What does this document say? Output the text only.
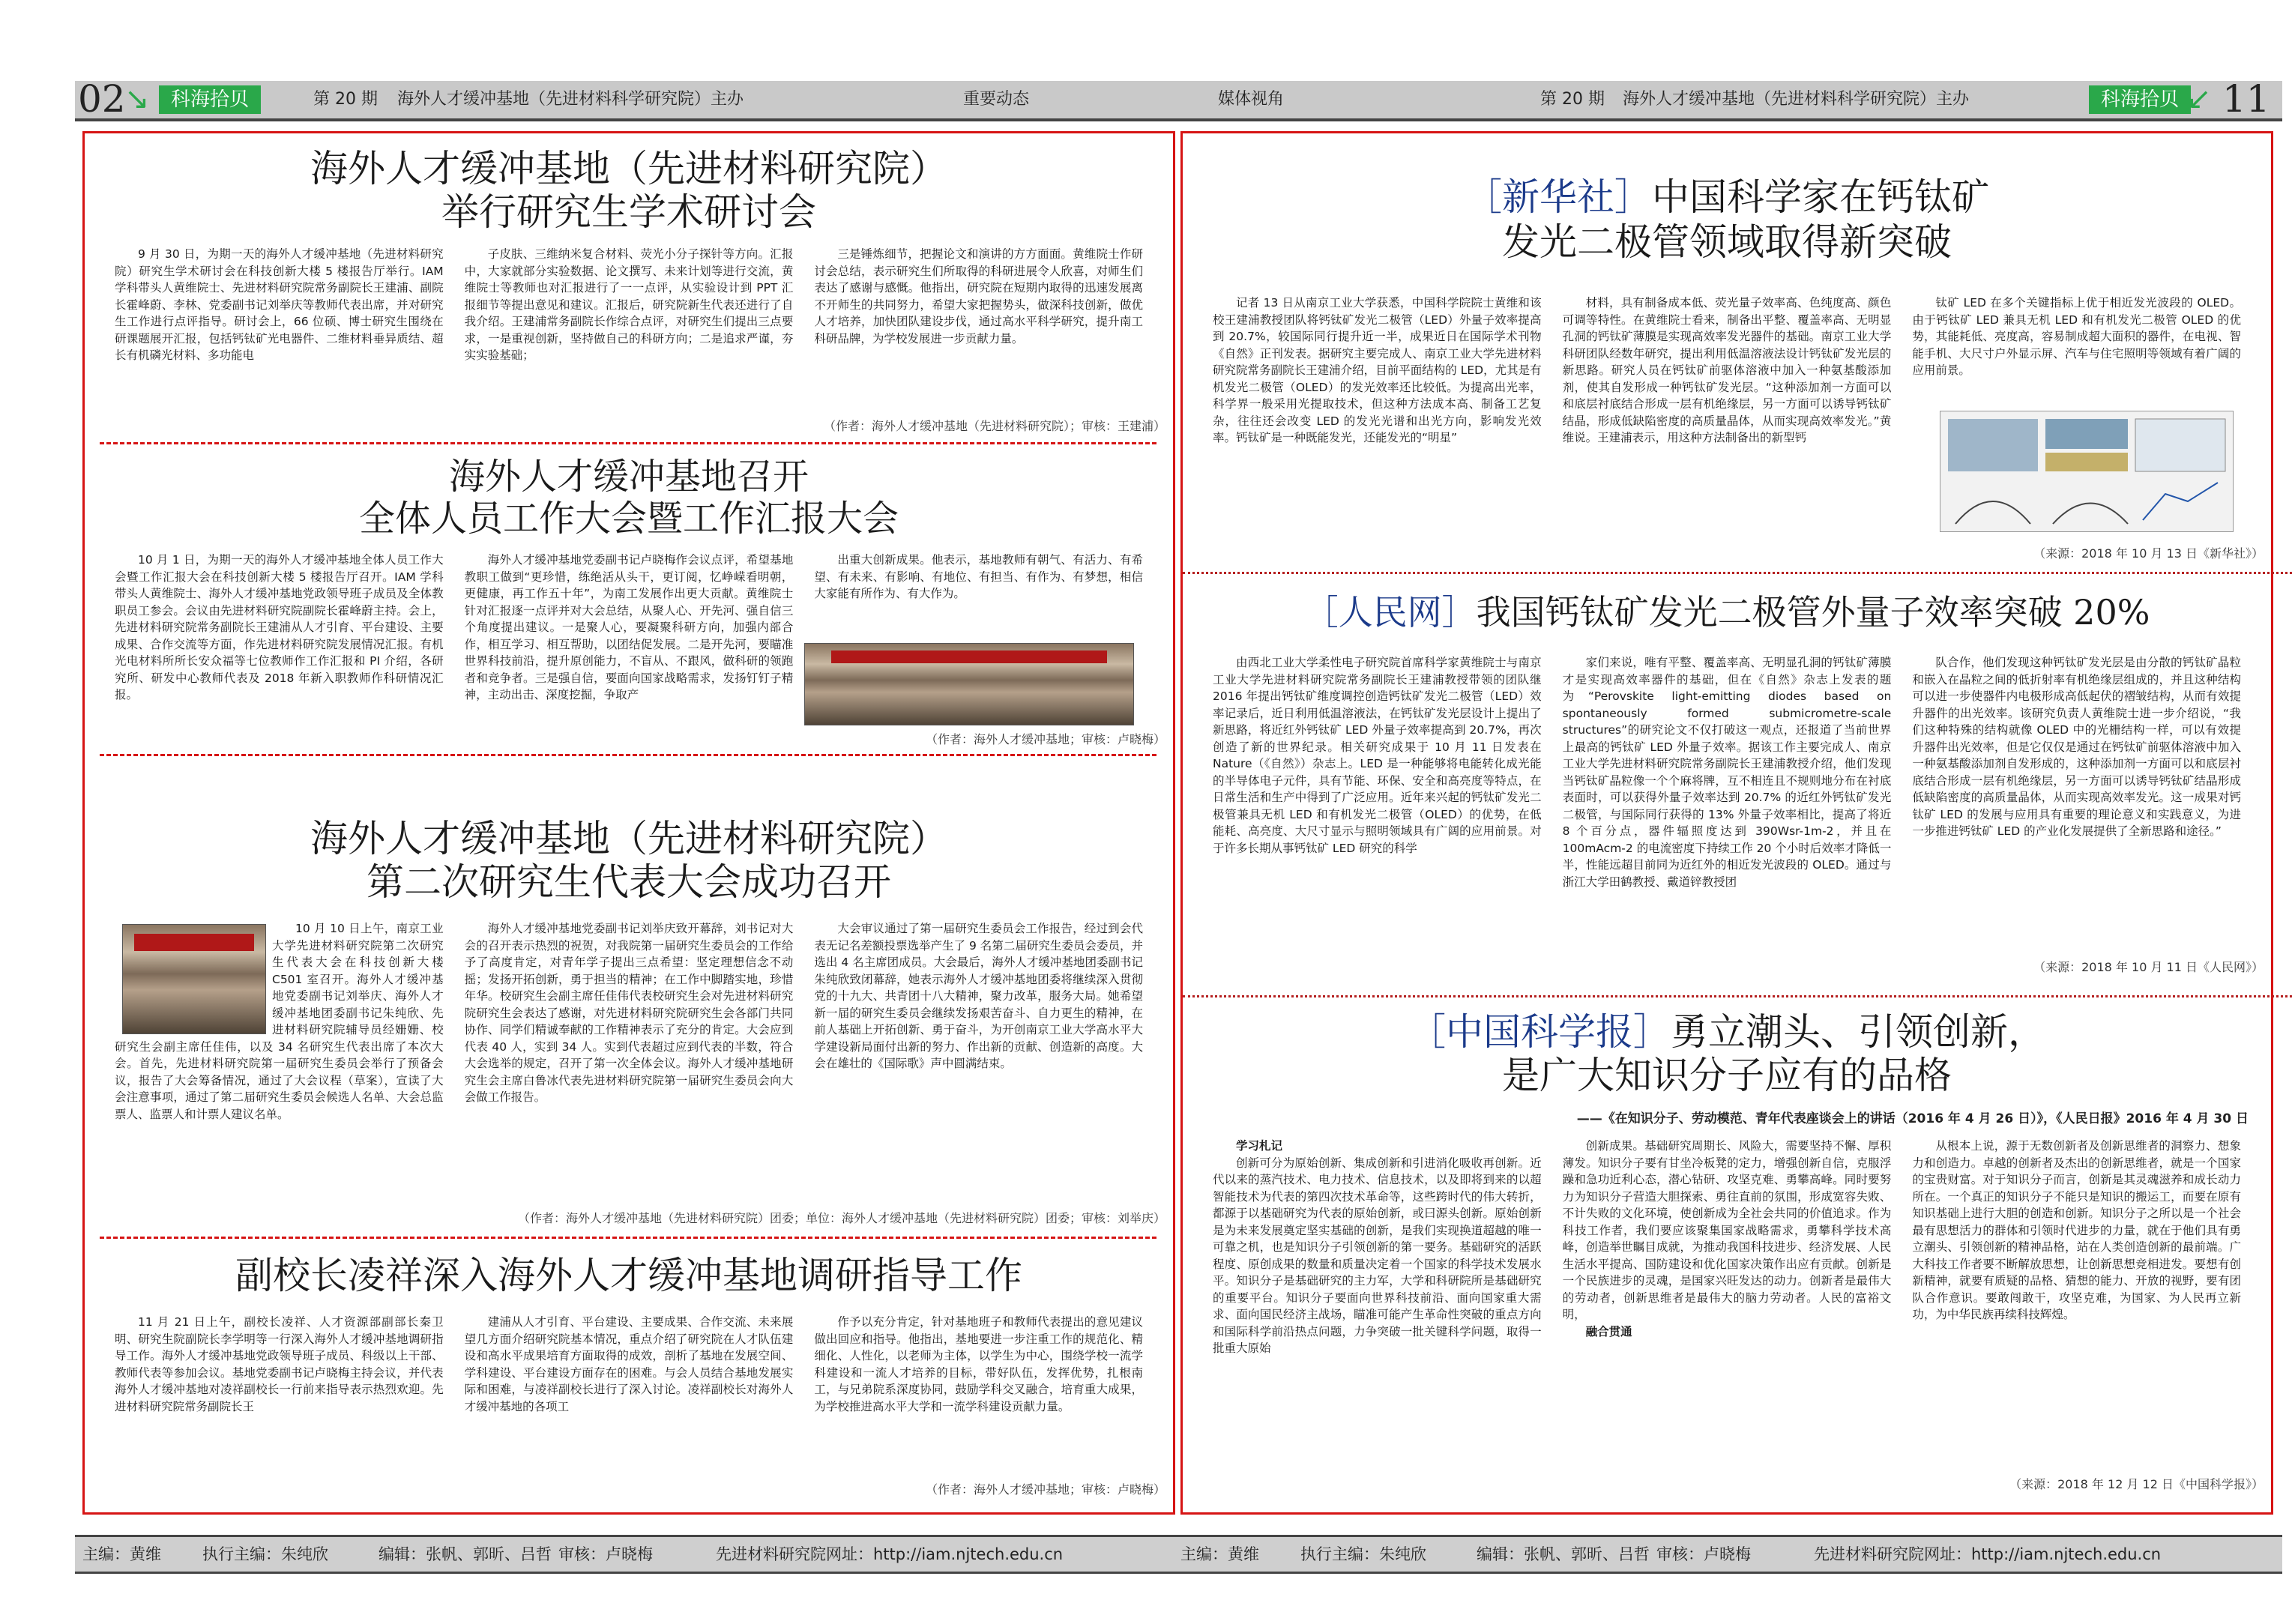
02
↘	科海拾贝	第 20 期 海外人才缓冲基地（先进材料科学研究院）主办	重要动态
海外人才缓冲基地（先进材料研究院）
举行研究生学术研讨会

9 月 30 日，为期一天的海外人才缓冲基地（先进材料研究院）研究生学术研讨会在科技创新大楼 5 楼报告厅举行。IAM 学科带头人黄维院士、先进材料研究院常务副院长王建浦、副院长霍峰蔚、李林、党委副书记刘举庆等教师代表出席，并对研究生工作进行点评指导。研讨会上，66 位硕、博士研究生围绕在研课题展开汇报，包括钙钛矿光电器件、二维材料垂异质结、超长有机磷光材料、多功能电

子皮肤、三维纳米复合材料、荧光小分子探针等方向。汇报中，大家就部分实验数据、论文撰写、未来计划等进行交流，黄维院士等教师也对汇报进行了一一点评，从实验设计到 PPT 汇报细节等提出意见和建议。汇报后，研究院新生代表还进行了自我介绍。王建浦常务副院长作综合点评，对研究生们提出三点要求，一是重视创新，坚持做自己的科研方向；二是追求严谨，夯实实验基础；

三是锤炼细节，把握论文和演讲的方方面面。黄维院士作研讨会总结，表示研究生们所取得的科研进展令人欣喜，对师生们表达了感谢与感慨。他指出，研究院在短期内取得的迅速发展离不开师生的共同努力，希望大家把握势头，做深科技创新，做优人才培养，加快团队建设步伐，通过高水平科学研究，提升南工科研品牌，为学校发展进一步贡献力量。

（作者：海外人才缓冲基地（先进材料研究院）；审核：王建浦）
海外人才缓冲基地召开
全体人员工作大会暨工作汇报大会

10 月 1 日，为期一天的海外人才缓冲基地全体人员工作大会暨工作汇报大会在科技创新大楼 5 楼报告厅召开。IAM 学科带头人黄维院士、海外人才缓冲基地党政领导班子成员及全体教职员工参会。会议由先进材料研究院副院长霍峰蔚主持。会上，先进材料研究院常务副院长王建浦从人才引育、平台建设、主要成果、合作交流等方面，作先进材料研究院发展情况汇报。有机光电材料所所长安众福等七位教师作工作汇报和 PI 介绍，各研究所、研发中心教师代表及 2018 年新入职教师作科研情况汇报。

海外人才缓冲基地党委副书记卢晓梅作会议点评，希望基地教职工做到“更珍惜，练绝活从头干，更订阅，忆峥嵘看明朝，更健康，再工作五十年”，为南工发展作出更大贡献。黄维院士针对汇报逐一点评并对大会总结，从聚人心、开先河、强自信三个角度提出建议。一是聚人心，要凝聚科研方向，加强内部合作，相互学习、相互帮助，以团结促发展。二是开先河，要瞄准世界科技前沿，提升原创能力，不盲从、不跟风，做科研的领跑者和竞争者。三是强自信，要面向国家战略需求，发扬钉钉子精神，主动出击、深度挖掘，争取产

出重大创新成果。他表示，基地教师有朝气、有活力、有希望、有未来、有影响、有地位、有担当、有作为、有梦想，相信大家能有所作为、有大作为。

（作者：海外人才缓冲基地；审核：卢晓梅）
海外人才缓冲基地（先进材料研究院）
第二次研究生代表大会成功召开

10 月 10 日上午，南京工业大学先进材料研究院第二次研究生代表大会在科技创新大楼 C501 室召开。海外人才缓冲基地党委副书记刘举庆、海外人才缓冲基地团委副书记朱纯欣、先进材料研究院辅导员经姗姗、校研究生会副主席任佳伟，以及 34 名研究生代表出席了本次大会。首先，先进材料研究院第一届研究生委员会举行了预备会议，报告了大会筹备情况，通过了大会议程（草案），宣读了大会注意事项，通过了第二届研究生委员会候选人名单、大会总监票人、监票人和计票人建议名单。

海外人才缓冲基地党委副书记刘举庆致开幕辞，刘书记对大会的召开表示热烈的祝贺，对我院第一届研究生委员会的工作给予了高度肯定，对青年学子提出三点希望：坚定理想信念不动摇；发扬开拓创新，勇于担当的精神；在工作中脚踏实地，珍惜年华。校研究生会副主席任佳伟代表校研究生会对先进材料研究院研究生会表达了感谢，对先进材料研究院研究生会各部门共同协作、同学们精诚奉献的工作精神表示了充分的肯定。大会应到代表 40 人，实到 34 人。实到代表超过应到代表的半数，符合大会选举的规定，召开了第一次全体会议。海外人才缓冲基地研究生会主席白鲁冰代表先进材料研究院第一届研究生委员会向大会做工作报告。

大会审议通过了第一届研究生委员会工作报告，经过到会代表无记名差额投票选举产生了 9 名第二届研究生委员会委员，并选出 4 名主席团成员。大会最后，海外人才缓冲基地团委副书记朱纯欣致闭幕辞，她表示海外人才缓冲基地团委将继续深入贯彻党的十九大、共青团十八大精神，聚力改革，服务大局。她希望新一届的研究生委员会继续发扬艰苦奋斗、自力更生的精神，在前人基础上开拓创新、勇于奋斗，为开创南京工业大学高水平大学建设新局面付出新的努力、作出新的贡献、创造新的高度。大会在雄壮的《国际歌》声中圆满结束。

（作者：海外人才缓冲基地（先进材料研究院）团委；单位：海外人才缓冲基地（先进材料研究院）团委；审核：刘举庆）
副校长凌祥深入海外人才缓冲基地调研指导工作

11 月 21 日上午，副校长凌祥、人才资源部副部长秦卫明、研究生院副院长李学明等一行深入海外人才缓冲基地调研指导工作。海外人才缓冲基地党政领导班子成员、科级以上干部、教师代表等参加会议。基地党委副书记卢晓梅主持会议，并代表海外人才缓冲基地对凌祥副校长一行前来指导表示热烈欢迎。先进材料研究院常务副院长王

建浦从人才引育、平台建设、主要成果、合作交流、未来展望几方面介绍研究院基本情况，重点介绍了研究院在人才队伍建设和高水平成果培育方面取得的成效，剖析了基地在发展空间、学科建设、平台建设方面存在的困难。与会人员结合基地发展实际和困难，与凌祥副校长进行了深入讨论。凌祥副校长对海外人才缓冲基地的各项工

作予以充分肯定，针对基地班子和教师代表提出的意见建议做出回应和指导。他指出，基地要进一步注重工作的规范化、精细化、人性化，以老师为主体，以学生为中心，围绕学校一流学科建设和一流人才培养的目标，带好队伍，发挥优势，扎根南工，与兄弟院系深度协同，鼓励学科交叉融合，培育重大成果，为学校推进高水平大学和一流学科建设贡献力量。

（作者：海外人才缓冲基地；审核：卢晓梅）
主编：黄维	执行主编：朱纯欣	编辑：张帆、郭昕、吕哲 审核：卢晓梅	先进材料研究院网址：http://iam.njtech.edu.cn
媒体视角	第 20 期 海外人才缓冲基地（先进材料科学研究院）主办	科海拾贝 ↙ 11
［新华社］中国科学家在钙钛矿
发光二极管领域取得新突破

记者 13 日从南京工业大学获悉，中国科学院院士黄维和该校王建浦教授团队将钙钛矿发光二极管（LED）外量子效率提高到 20.7%，较国际同行提升近一半，成果近日在国际学术刊物《自然》正刊发表。据研究主要完成人、南京工业大学先进材料研究院常务副院长王建浦介绍，目前平面结构的 LED，尤其是有机发光二极管（OLED）的发光效率还比较低。为提高出光率，科学界一般采用光提取技术，但这种方法成本高、制备工艺复杂，往往还会改变 LED 的发光光谱和出光方向，影响发光效率。钙钛矿是一种既能发光，还能发光的“明星”

材料，具有制备成本低、荧光量子效率高、色纯度高、颜色可调等特性。在黄维院士看来，制备出平整、覆盖率高、无明显孔洞的钙钛矿薄膜是实现高效率发光器件的基础。南京工业大学科研团队经数年研究，提出利用低温溶液法设计钙钛矿发光层的新思路。研究人员在钙钛矿前驱体溶液中加入一种氨基酸添加剂，使其自发形成一种钙钛矿发光层。“这种添加剂一方面可以和底层衬底结合形成一层有机绝缘层，另一方面可以诱导钙钛矿结晶，形成低缺陷密度的高质量晶体，从而实现高效率发光。”黄维说。王建浦表示，用这种方法制备出的新型钙

钛矿 LED 在多个关键指标上优于相近发光波段的 OLED。由于钙钛矿 LED 兼具无机 LED 和有机发光二极管 OLED 的优势，其能耗低、亮度高，容易制成超大面积的器件，在电视、智能手机、大尺寸户外显示屏、汽车与住宅照明等领域有着广阔的应用前景。

（来源：2018 年 10 月 13 日《新华社》）
［人民网］我国钙钛矿发光二极管外量子效率突破 20%

由西北工业大学柔性电子研究院首席科学家黄维院士与南京工业大学先进材料研究院常务副院长王建浦教授带领的团队继 2016 年提出钙钛矿维度调控创造钙钛矿发光二极管（LED）效率记录后，近日利用低温溶液法，在钙钛矿发光层设计上提出了新思路，将近红外钙钛矿 LED 外量子效率提高到 20.7%，再次创造了新的世界纪录。相关研究成果于 10 月 11 日发表在 Nature（《自然》）杂志上。LED 是一种能够将电能转化成光能的半导体电子元件，具有节能、环保、安全和高亮度等特点，在日常生活和生产中得到了广泛应用。近年来兴起的钙钛矿发光二极管兼具无机 LED 和有机发光二极管（OLED）的优势，在低能耗、高亮度、大尺寸显示与照明领域具有广阔的应用前景。对于许多长期从事钙钛矿 LED 研究的科学

家们来说，唯有平整、覆盖率高、无明显孔洞的钙钛矿薄膜才是实现高效率器件的基础，但在《自然》杂志上发表的题为“Perovskite light-emitting diodes based on spontaneously formed submicrometre-scale structures”的研究论文不仅打破这一观点，还报道了当前世界上最高的钙钛矿 LED 外量子效率。据该工作主要完成人、南京工业大学先进材料研究院常务副院长王建浦教授介绍，他们发现当钙钛矿晶粒像一个个麻将牌，互不相连且不规则地分布在衬底表面时，可以获得外量子效率达到 20.7% 的近红外钙钛矿发光二极管，与国际同行获得的 13% 外量子效率相比，提高了将近 8 个百分点，器件辐照度达到 390Wsr-1m-2，并且在 100mAcm-2 的电流密度下持续工作 20 个小时后效率才降低一半，性能远超目前同为近红外的相近发光波段的 OLED。通过与浙江大学田鹤教授、戴道锌教授团

队合作，他们发现这种钙钛矿发光层是由分散的钙钛矿晶粒和嵌入在晶粒之间的低折射率有机绝缘层组成的，并且这种结构可以进一步使器件内电极形成高低起伏的褶皱结构，从而有效提升器件的出光效率。该研究负责人黄维院士进一步介绍说，“我们这种特殊的结构就像 OLED 中的光栅结构一样，可以有效提升器件出光效率，但是它仅仅是通过在钙钛矿前驱体溶液中加入一种氨基酸添加剂自发形成的，这种添加剂一方面可以和底层衬底结合形成一层有机绝缘层，另一方面可以诱导钙钛矿结晶形成低缺陷密度的高质量晶体，从而实现高效率发光。这一成果对钙钛矿 LED 的发展与应用具有重要的理论意义和实践意义，为进一步推进钙钛矿 LED 的产业化发展提供了全新思路和途径。”

（来源：2018 年 10 月 11 日《人民网》）
［中国科学报］勇立潮头、引领创新，
是广大知识分子应有的品格
——《在知识分子、劳动模范、青年代表座谈会上的讲话（2016 年 4 月 26 日）》，《人民日报》2016 年 4 月 30 日
学习札记

创新可分为原始创新、集成创新和引进消化吸收再创新。近代以来的蒸汽技术、电力技术、信息技术，以及即将到来的以超智能技术为代表的第四次技术革命等，这些跨时代的伟大转折，都源于以基础研究为代表的原始创新，或曰源头创新。原始创新是为未来发展奠定坚实基础的创新，是我们实现换道超越的唯一可靠之机，也是知识分子引领创新的第一要务。基础研究的活跃程度、原创成果的数量和质量决定着一个国家的科学技术发展水平。知识分子是基础研究的主力军，大学和科研院所是基础研究的重要平台。知识分子要面向世界科技前沿、面向国家重大需求、面向国民经济主战场，瞄准可能产生革命性突破的重点方向和国际科学前沿热点问题，力争突破一批关键科学问题，取得一批重大原始

创新成果。基础研究周期长、风险大，需要坚持不懈、厚积薄发。知识分子要有甘坐冷板凳的定力，增强创新自信，克服浮躁和急功近利心态，潜心钻研、攻坚克难、勇攀高峰。同时要努力为知识分子营造大胆探索、勇往直前的氛围，形成宽容失败、不计失败的文化环境，使创新成为全社会共同的价值追求。作为科技工作者，我们要应该聚集国家战略需求，勇攀科学技术高峰，创造举世瞩目成就，为推动我国科技进步、经济发展、人民生活水平提高、国防建设和优化国家决策作出应有贡献。创新是一个民族进步的灵魂，是国家兴旺发达的动力。创新者是最伟大的劳动者，创新思维者是最伟大的脑力劳动者。人民的富裕文明，

融合贯通

从根本上说，源于无数创新者及创新思维者的洞察力、想象力和创造力。卓越的创新者及杰出的创新思维者，就是一个国家的宝贵财富。对于知识分子而言，创新是其灵魂滋养和成长动力所在。一个真正的知识分子不能只是知识的搬运工，而要在原有知识基础上进行大胆的创造和创新。知识分子之所以是一个社会最有思想活力的群体和引领时代进步的力量，就在于他们具有勇立潮头、引领创新的精神品格，站在人类创造创新的最前端。广大科技工作者要不断解放思想，让创新思想竞相进发。要想有创新精神，就要有质疑的品格、猜想的能力、开放的视野，要有团队合作意识。要敢闯敢干，攻坚克难，为国家、为人民再立新功，为中华民族再续科技辉煌。

（来源：2018 年 12 月 12 日《中国科学报》）
主编：黄维	执行主编：朱纯欣	编辑：张帆、郭昕、吕哲 审核：卢晓梅	先进材料研究院网址：http://iam.njtech.edu.cn
